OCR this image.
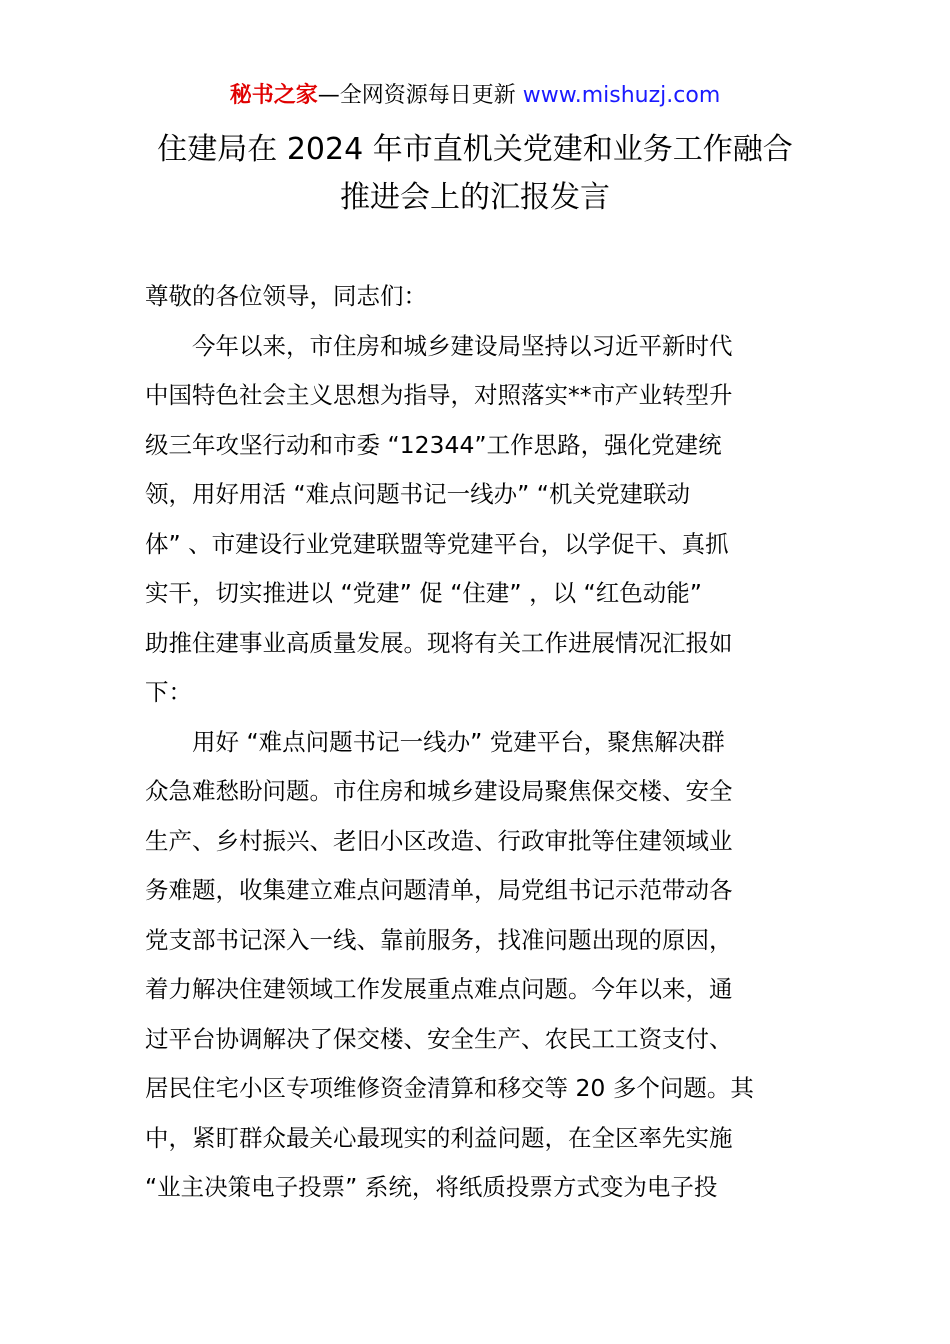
秘书之家—全网资源每日更新 www.mishuzj.com
住建局在 2024 年市直机关党建和业务工作融合
推进会上的汇报发言
尊敬的各位领导，同志们：
　　今年以来，市住房和城乡建设局坚持以习近平新时代
中国特色社会主义思想为指导，对照落实**市产业转型升
级三年攻坚行动和市委 “12344”工作思路，强化党建统
领，用好用活 “难点问题书记一线办” “机关党建联动
体” 、市建设行业党建联盟等党建平台，以学促干、真抓
实干，切实推进以 “党建” 促 “住建” ，以 “红色动能”
助推住建事业高质量发展。现将有关工作进展情况汇报如
下：
　　用好 “难点问题书记一线办” 党建平台，聚焦解决群
众急难愁盼问题。市住房和城乡建设局聚焦保交楼、安全
生产、乡村振兴、老旧小区改造、行政审批等住建领域业
务难题，收集建立难点问题清单，局党组书记示范带动各
党支部书记深入一线、靠前服务，找准问题出现的原因，
着力解决住建领域工作发展重点难点问题。今年以来，通
过平台协调解决了保交楼、安全生产、农民工工资支付、
居民住宅小区专项维修资金清算和移交等 20 多个问题。其
中，紧盯群众最关心最现实的利益问题，在全区率先实施
“业主决策电子投票” 系统，将纸质投票方式变为电子投
